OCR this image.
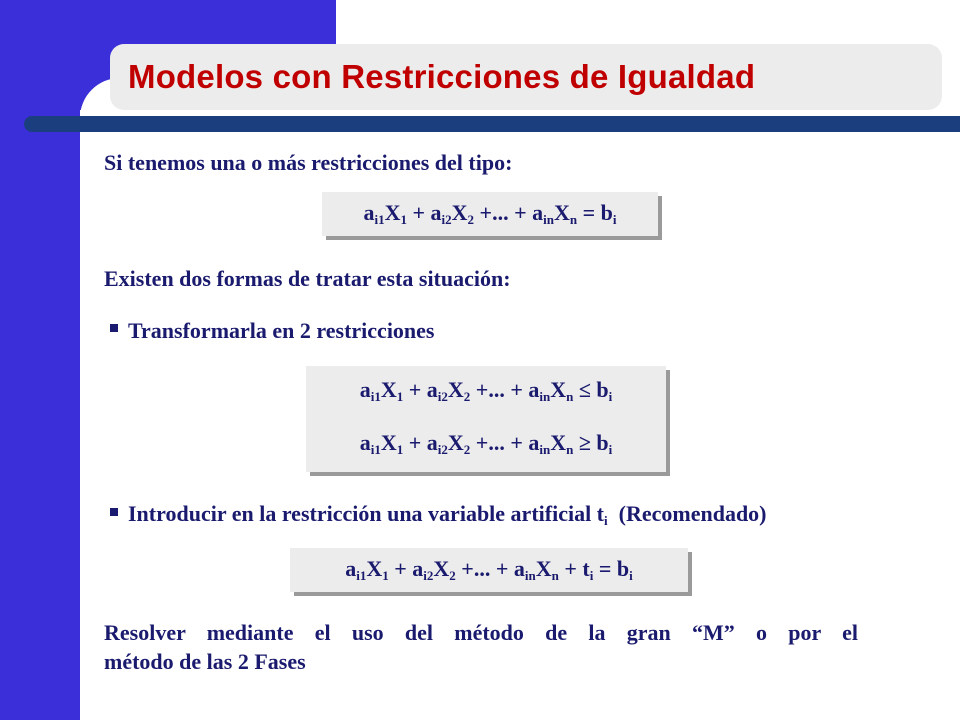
Modelos con Restricciones de Igualdad
Si tenemos una o más restricciones del tipo:
$a_{i1}X_1 + a_{i2}X_2$ +... + $a_{in}X_n = b_i$
Existen dos formas de tratar esta situación:
Transformarla en 2 restricciones
$a_{i1}X_1 + a_{i2}X_2$ +... + $a_{in}X_n \le b_i$
$a_{i1}X_1 + a_{i2}X_2$ +... + $a_{in}X_n \ge b_i$
Introducir en la restricción una variable artificial $t_i$ (Recomendado)
$a_{i1}X_1 + a_{i2}X_2$ +... + $a_{in}X_n + t_i = b_i$
Resolver mediante el uso del método de la gran “M” o por el
método de las 2 Fases
